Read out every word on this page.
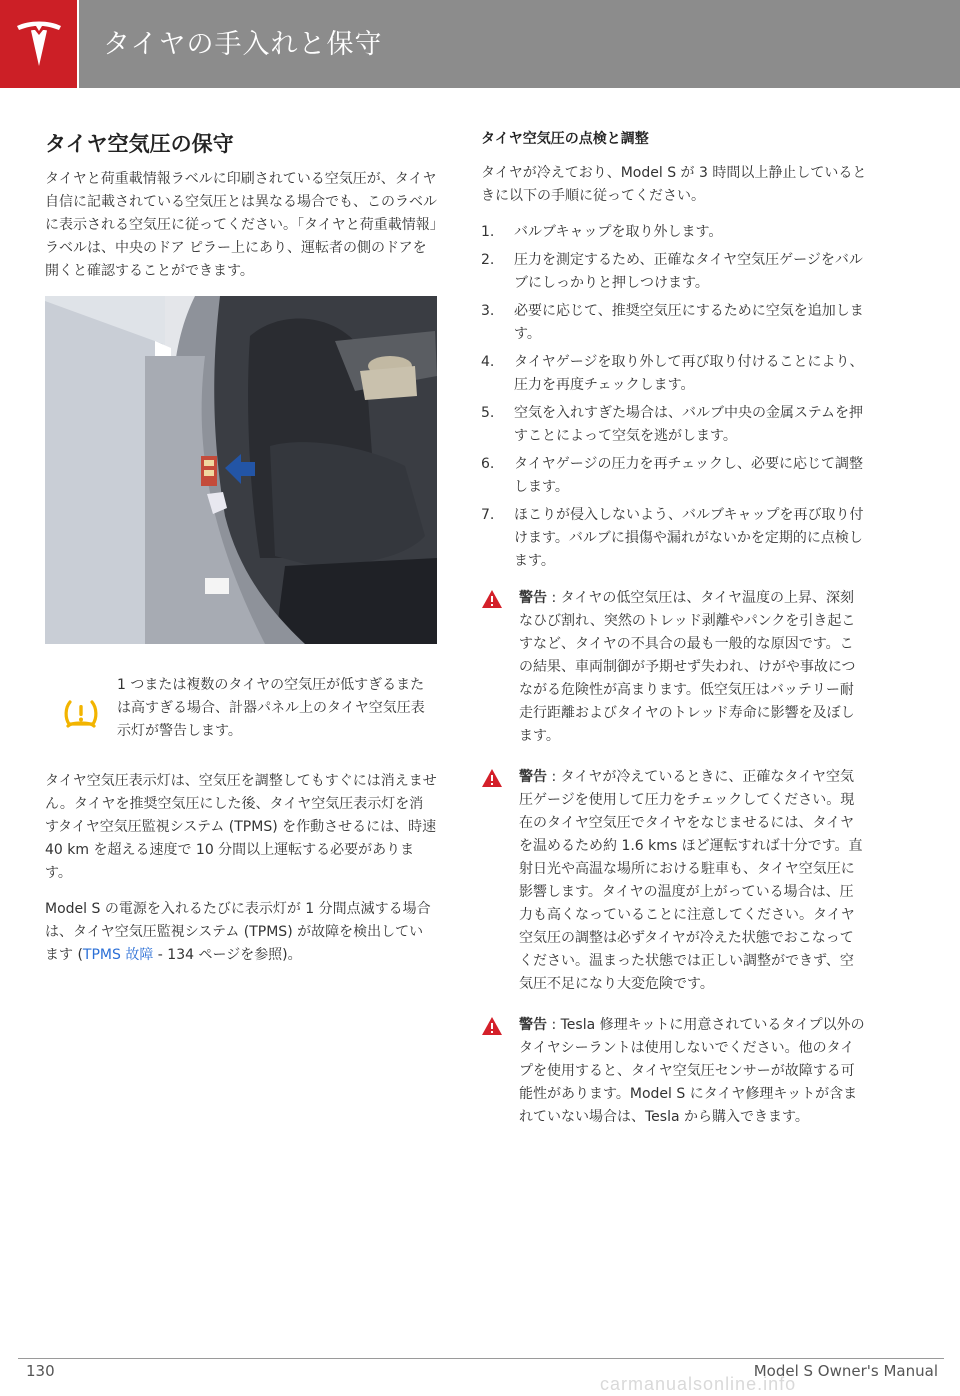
タイヤの手入れと保守
タイヤ空気圧の保守

タイヤと荷重載情報ラベルに印刷されている空気圧が、タイヤ自信に記載されている空気圧とは異なる場合でも、このラベルに表示される空気圧に従ってください。「タイヤと荷重載情報」ラベルは、中央のドア ピラー上にあり、運転者の側のドアを開くと確認することができます。

1 つまたは複数のタイヤの空気圧が低すぎるまたは高すぎる場合、計器パネル上のタイヤ空気圧表示灯が警告します。

タイヤ空気圧表示灯は、空気圧を調整してもすぐには消えません。タイヤを推奨空気圧にした後、タイヤ空気圧表示灯を消すタイヤ空気圧監視システム (TPMS) を作動させるには、時速 40 km を超える速度で 10 分間以上運転する必要があります。

Model S の電源を入れるたびに表示灯が 1 分間点滅する場合は、タイヤ空気圧監視システム (TPMS) が故障を検出しています (TPMS 故障 - 134 ページを参照)。

タイヤ空気圧の点検と調整

タイヤが冷えており、Model S が 3 時間以上静止しているときに以下の手順に従ってください。

1.	バルブキャップを取り外します。
2.	圧力を測定するため、正確なタイヤ空気圧ゲージをバルブにしっかりと押しつけます。
3.	必要に応じて、推奨空気圧にするために空気を追加します。
4.	タイヤゲージを取り外して再び取り付けることにより、圧力を再度チェックします。
5.	空気を入れすぎた場合は、バルブ中央の金属ステムを押すことによって空気を逃がします。
6.	タイヤゲージの圧力を再チェックし、必要に応じて調整します。
7.	ほこりが侵入しないよう、バルブキャップを再び取り付けます。バルブに損傷や漏れがないかを定期的に点検します。
警告 : タイヤの低空気圧は、タイヤ温度の上昇、深刻なひび割れ、突然のトレッド剥離やパンクを引き起こすなど、タイヤの不具合の最も一般的な原因です。この結果、車両制御が予期せず失われ、けがや事故につながる危険性が高まります。低空気圧はバッテリー耐走行距離およびタイヤのトレッド寿命に影響を及ぼします。
警告 : タイヤが冷えているときに、正確なタイヤ空気圧ゲージを使用して圧力をチェックしてください。現在のタイヤ空気圧でタイヤをなじませるには、タイヤを温めるため約 1.6 kms ほど運転すれば十分です。直射日光や高温な場所における駐車も、タイヤ空気圧に影響します。タイヤの温度が上がっている場合は、圧力も高くなっていることに注意してください。タイヤ空気圧の調整は必ずタイヤが冷えた状態でおこなってください。温まった状態では正しい調整ができず、空気圧不足になり大変危険です。
警告 : Tesla 修理キットに用意されているタイプ以外のタイヤシーラントは使用しないでください。他のタイプを使用すると、タイヤ空気圧センサーが故障する可能性があります。Model S にタイヤ修理キットが含まれていない場合は、Tesla から購入できます。
130	Model S Owner's Manual
carmanualsonline.info
